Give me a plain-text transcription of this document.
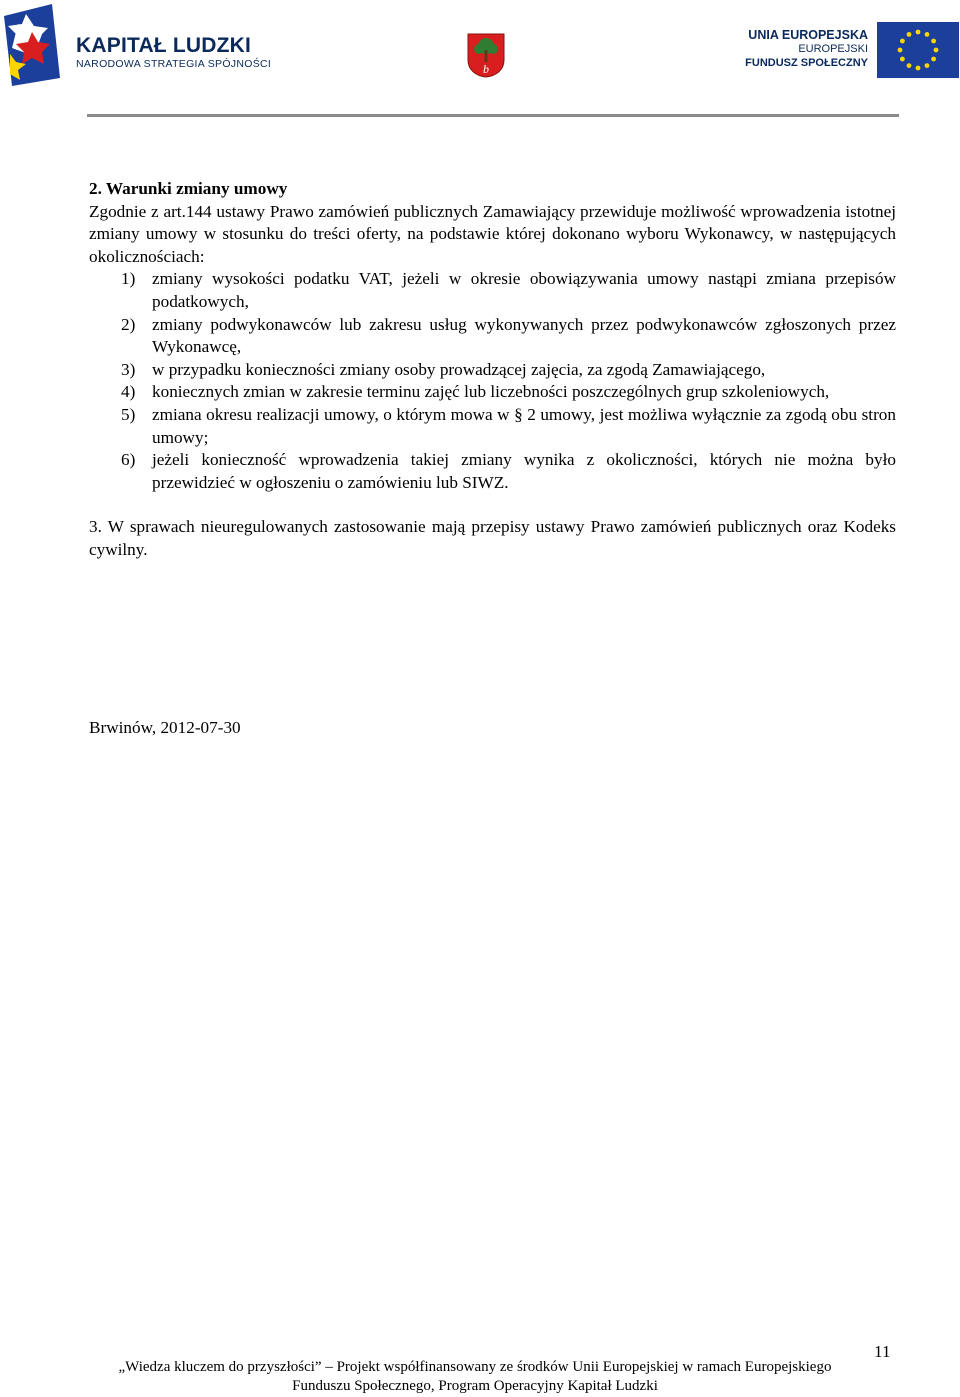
KAPITAŁ LUDZKI
NARODOWA STRATEGIA SPÓJNOŚCI	b
UNIA EUROPEJSKA
EUROPEJSKI
FUNDUSZ SPOŁECZNY

2. Warunki zmiany umowy

Zgodnie z art.144 ustawy Prawo zamówień publicznych Zamawiający przewiduje możliwość wprowadzenia istotnej zmiany umowy w stosunku do treści oferty, na podstawie której dokonano wyboru Wykonawcy, w następujących okolicznościach:

1) zmiany wysokości podatku VAT, jeżeli w okresie obowiązywania umowy nastąpi zmiana przepisów podatkowych,
2) zmiany podwykonawców lub zakresu usług wykonywanych przez podwykonawców zgłoszonych przez Wykonawcę,
3) w przypadku konieczności zmiany osoby prowadzącej zajęcia, za zgodą Zamawiającego,
4) koniecznych zmian w zakresie terminu zajęć lub liczebności poszczególnych grup szkoleniowych,
5) zmiana okresu realizacji umowy, o którym mowa w § 2 umowy, jest możliwa wyłącznie za zgodą obu stron umowy;
6) jeżeli konieczność wprowadzenia takiej zmiany wynika z okoliczności, których nie można było przewidzieć w ogłoszeniu o zamówieniu lub SIWZ.

3. W sprawach nieuregulowanych zastosowanie mają przepisy ustawy Prawo zamówień publicznych oraz Kodeks cywilny.

Brwinów, 2012-07-30
11
„Wiedza kluczem do przyszłości” – Projekt współfinansowany ze środków Unii Europejskiej w ramach Europejskiego
Funduszu Społecznego, Program Operacyjny Kapitał Ludzki
